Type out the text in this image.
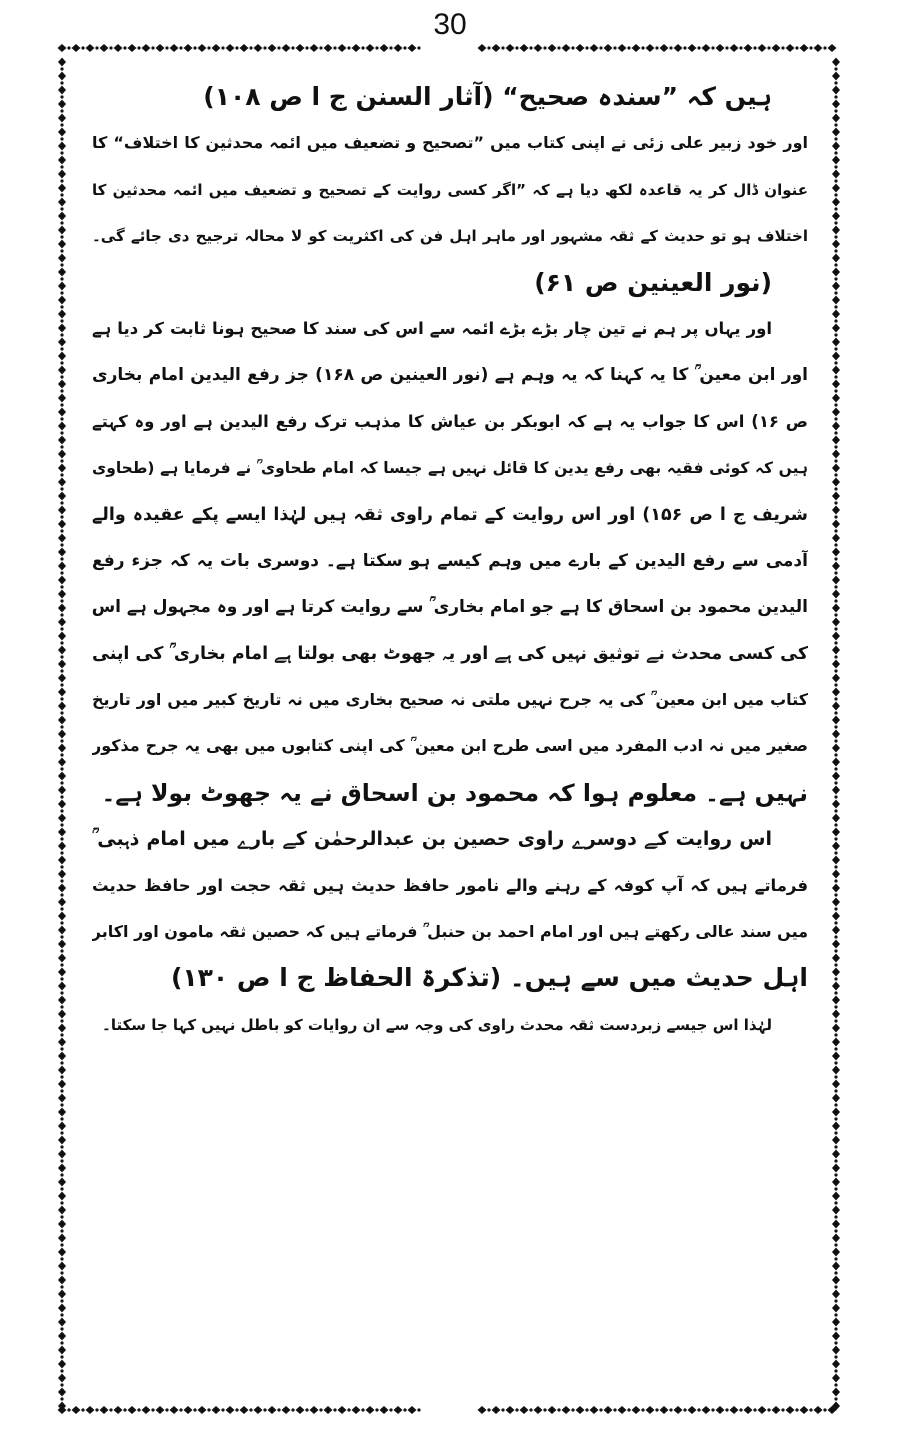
30
ہیں کہ ”سندہ صحیح“ (آثار السنن ج ا ص ۱۰۸)
اور خود زبیر علی زئی نے اپنی کتاب میں ”تصحیح و تضعیف میں ائمہ محدثین کا اختلاف“ کا
عنوان ڈال کر یہ قاعدہ لکھ دیا ہے کہ ”اگر کسی روایت کے تصحیح و تضعیف میں ائمہ محدثین کا
اختلاف ہو تو حدیث کے ثقہ مشہور اور ماہر اہل فن کی اکثریت کو لا محالہ ترجیح دی جائے گی۔
(نور العینین ص ۶۱)
اور یہاں پر ہم نے تین چار بڑے بڑے ائمہ سے اس کی سند کا صحیح ہونا ثابت کر دیا ہے
اور ابن معین ؒ کا یہ کہنا کہ یہ وہم ہے (نور العینین ص ۱۶۸) جز رفع الیدین امام بخاری
ص ۱۶) اس کا جواب یہ ہے کہ ابوبکر بن عیاش کا مذہب ترک رفع الیدین ہے اور وہ کہتے
ہیں کہ کوئی فقیہ بھی رفع یدین کا قائل نہیں ہے جیسا کہ امام طحاوی ؒ نے فرمایا ہے (طحاوی
شریف ج ا ص ۱۵۶) اور اس روایت کے تمام راوی ثقہ ہیں لہٰذا ایسے پکے عقیدہ والے
آدمی سے رفع الیدین کے بارے میں وہم کیسے ہو سکتا ہے۔ دوسری بات یہ کہ جزء رفع
الیدین محمود بن اسحاق کا ہے جو امام بخاری ؒ سے روایت کرتا ہے اور وہ مجہول ہے اس
کی کسی محدث نے توثیق نہیں کی ہے اور یہ جھوٹ بھی بولتا ہے امام بخاری ؒ کی اپنی
کتاب میں ابن معین ؒ کی یہ جرح نہیں ملتی نہ صحیح بخاری میں نہ تاریخ کبیر میں اور تاریخ
صغیر میں نہ ادب المفرد میں اسی طرح ابن معین ؒ کی اپنی کتابوں میں بھی یہ جرح مذکور
نہیں ہے۔ معلوم ہوا کہ محمود بن اسحاق نے یہ جھوٹ بولا ہے۔
اس روایت کے دوسرے راوی حصین بن عبدالرحمٰن کے بارے میں امام ذہبی ؒ
فرماتے ہیں کہ آپ کوفہ کے رہنے والے نامور حافظ حدیث ہیں ثقہ حجت اور حافظ حدیث
میں سند عالی رکھتے ہیں اور امام احمد بن حنبل ؒ فرماتے ہیں کہ حصین ثقہ مامون اور اکابر
اہل حدیث میں سے ہیں۔ (تذکرۃ الحفاظ ج ا ص ۱۳۰)
لہٰذا اس جیسے زبردست ثقہ محدث راوی کی وجہ سے ان روایات کو باطل نہیں کہا جا سکتا۔
